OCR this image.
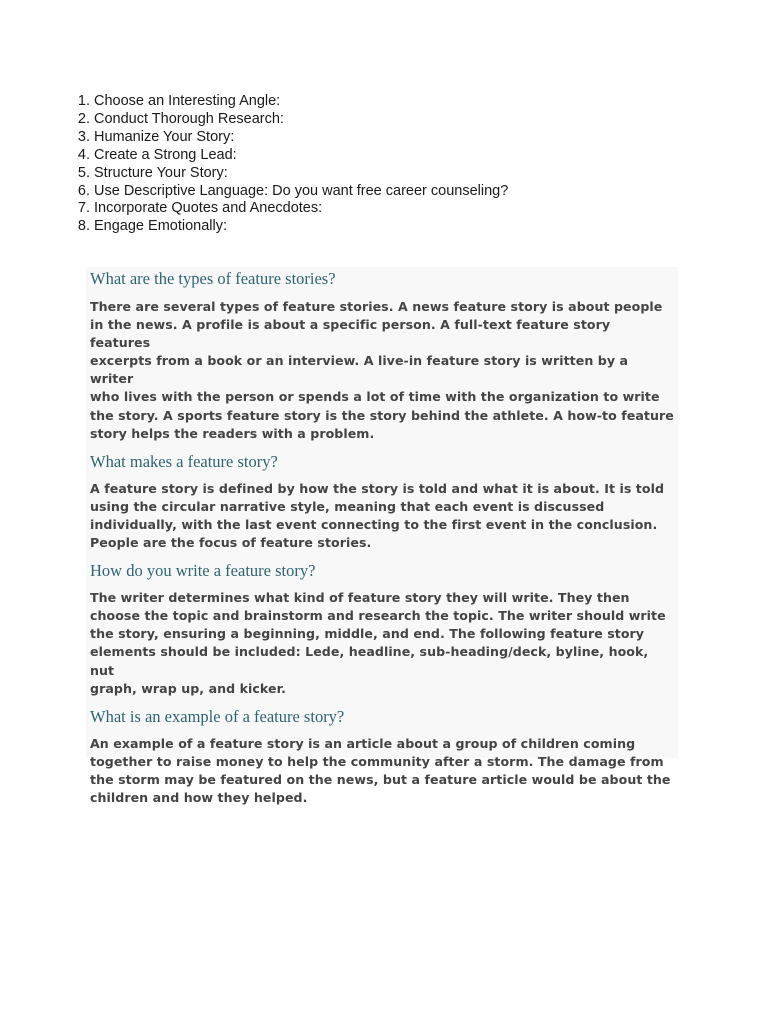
1. Choose an Interesting Angle:
2. Conduct Thorough Research:
3. Humanize Your Story:
4. Create a Strong Lead:
5. Structure Your Story:
6. Use Descriptive Language: Do you want free career counseling?
7. Incorporate Quotes and Anecdotes:
8. Engage Emotionally:
What are the types of feature stories?

There are several types of feature stories. A news feature story is about people
in the news. A profile is about a specific person. A full-text feature story features
excerpts from a book or an interview. A live-in feature story is written by a writer
who lives with the person or spends a lot of time with the organization to write
the story. A sports feature story is the story behind the athlete. A how-to feature
story helps the readers with a problem.

What makes a feature story?

A feature story is defined by how the story is told and what it is about. It is told
using the circular narrative style, meaning that each event is discussed
individually, with the last event connecting to the first event in the conclusion.
People are the focus of feature stories.

How do you write a feature story?

The writer determines what kind of feature story they will write. They then
choose the topic and brainstorm and research the topic. The writer should write
the story, ensuring a beginning, middle, and end. The following feature story
elements should be included: Lede, headline, sub-heading/deck, byline, hook, nut
graph, wrap up, and kicker.

What is an example of a feature story?

An example of a feature story is an article about a group of children coming
together to raise money to help the community after a storm. The damage from
the storm may be featured on the news, but a feature article would be about the
children and how they helped.
